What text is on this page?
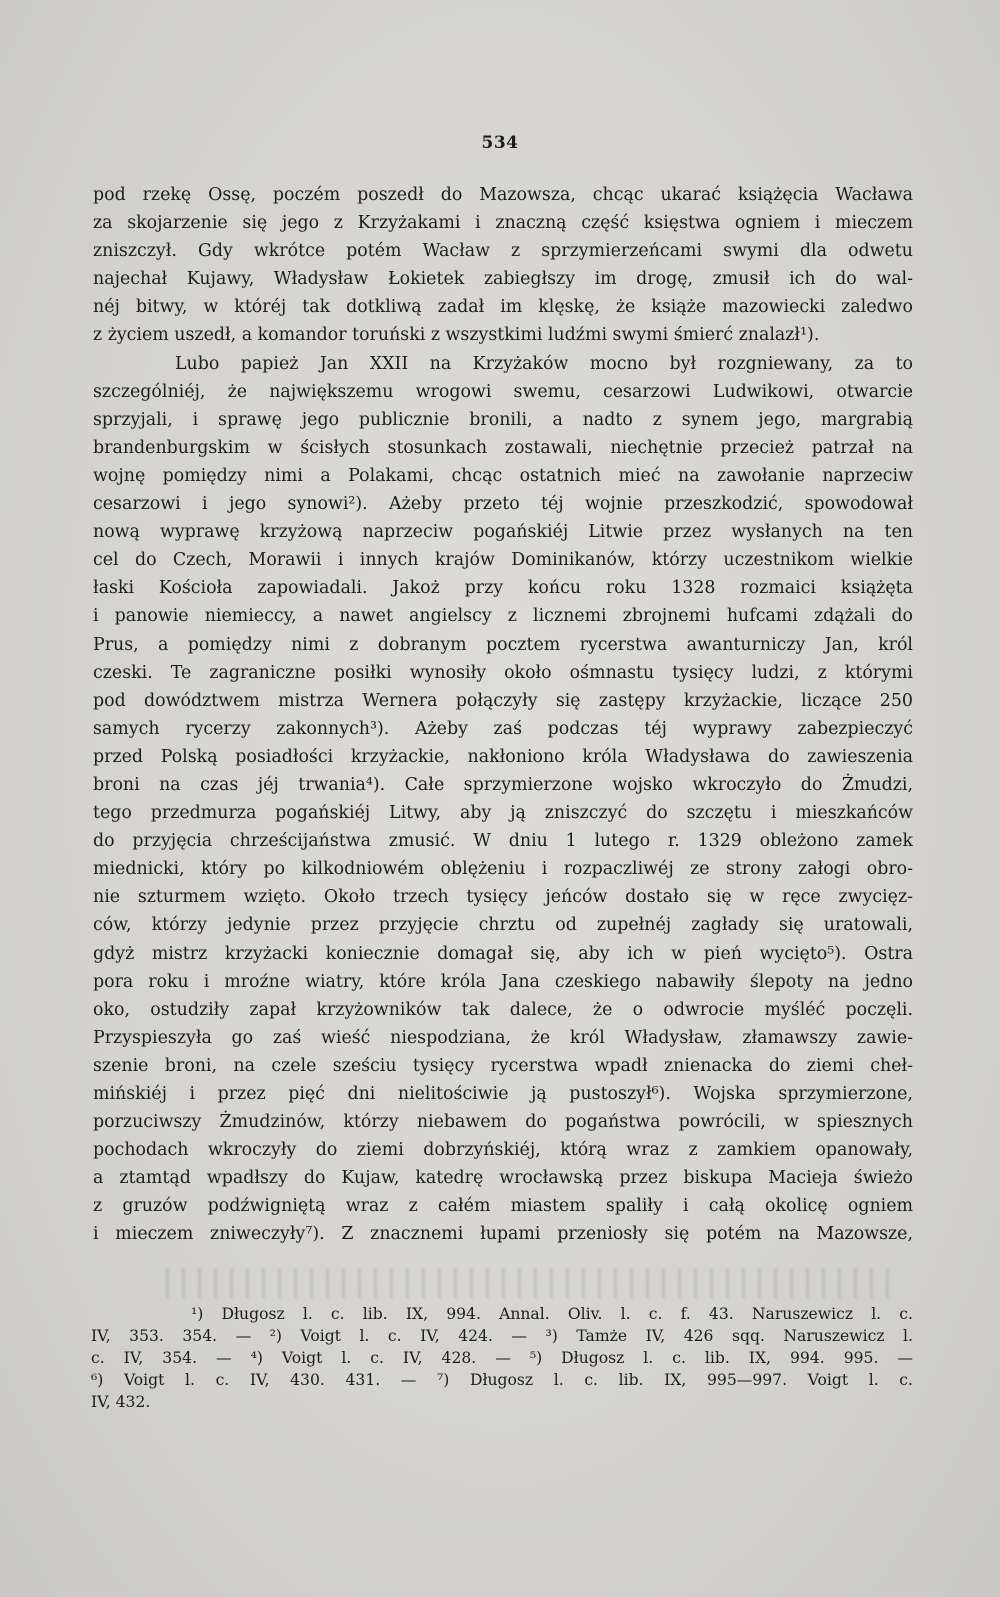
534
pod rzekę Ossę, poczém poszedł do Mazowsza, chcąc ukarać książęcia Wacława
za skojarzenie się jego z Krzyżakami i znaczną część księstwa ogniem i mieczem
zniszczył. Gdy wkrótce potém Wacław z sprzymierzeńcami swymi dla odwetu
najechał Kujawy, Władysław Łokietek zabiegłszy im drogę, zmusił ich do wal-
néj bitwy, w któréj tak dotkliwą zadał im klęskę, że książe mazowiecki zaledwo
z życiem uszedł, a komandor toruński z wszystkimi ludźmi swymi śmierć znalazł¹).
Lubo papież Jan XXII na Krzyżaków mocno był rozgniewany, za to
szczególniéj, że największemu wrogowi swemu, cesarzowi Ludwikowi, otwarcie
sprzyjali, i sprawę jego publicznie bronili, a nadto z synem jego, margrabią
brandenburgskim w ścisłych stosunkach zostawali, niechętnie przecież patrzał na
wojnę pomiędzy nimi a Polakami, chcąc ostatnich mieć na zawołanie naprzeciw
cesarzowi i jego synowi²). Ażeby przeto téj wojnie przeszkodzić, spowodował
nową wyprawę krzyżową naprzeciw pogańskiéj Litwie przez wysłanych na ten
cel do Czech, Morawii i innych krajów Dominikanów, którzy uczestnikom wielkie
łaski Kościoła zapowiadali. Jakoż przy końcu roku 1328 rozmaici książęta
i panowie niemieccy, a nawet angielscy z licznemi zbrojnemi hufcami zdążali do
Prus, a pomiędzy nimi z dobranym pocztem rycerstwa awanturniczy Jan, król
czeski. Te zagraniczne posiłki wynosiły około ośmnastu tysięcy ludzi, z którymi
pod dowództwem mistrza Wernera połączyły się zastępy krzyżackie, liczące 250
samych rycerzy zakonnych³). Ażeby zaś podczas téj wyprawy zabezpieczyć
przed Polską posiadłości krzyżackie, nakłoniono króla Władysława do zawieszenia
broni na czas jéj trwania⁴). Całe sprzymierzone wojsko wkroczyło do Żmudzi,
tego przedmurza pogańskiéj Litwy, aby ją zniszczyć do szczętu i mieszkańców
do przyjęcia chrześcijaństwa zmusić. W dniu 1 lutego r. 1329 obleżono zamek
miednicki, który po kilkodniowém oblężeniu i rozpaczliwéj ze strony załogi obro-
nie szturmem wzięto. Około trzech tysięcy jeńców dostało się w ręce zwycięz-
ców, którzy jedynie przez przyjęcie chrztu od zupełnéj zagłady się uratowali,
gdyż mistrz krzyżacki koniecznie domagał się, aby ich w pień wycięto⁵). Ostra
pora roku i mroźne wiatry, które króla Jana czeskiego nabawiły ślepoty na jedno
oko, ostudziły zapał krzyżowników tak dalece, że o odwrocie myśléć poczęli.
Przyspieszyła go zaś wieść niespodziana, że król Władysław, złamawszy zawie-
szenie broni, na czele sześciu tysięcy rycerstwa wpadł znienacka do ziemi cheł-
mińskiéj i przez pięć dni nielitościwie ją pustoszył⁶). Wojska sprzymierzone,
porzuciwszy Żmudzinów, którzy niebawem do pogaństwa powrócili, w spiesznych
pochodach wkroczyły do ziemi dobrzyńskiéj, którą wraz z zamkiem opanowały,
a ztamtąd wpadłszy do Kujaw, katedrę wrocławską przez biskupa Macieja świeżo
z gruzów podźwigniętą wraz z całém miastem spaliły i całą okolicę ogniem
i mieczem zniweczyły⁷). Z znacznemi łupami przeniosły się potém na Mazowsze,
¹) Długosz l. c. lib. IX, 994. Annal. Oliv. l. c. f. 43. Naruszewicz l. c.
IV, 353. 354. — ²) Voigt l. c. IV, 424. — ³) Tamże IV, 426 sqq. Naruszewicz l.
c. IV, 354. — ⁴) Voigt l. c. IV, 428. — ⁵) Długosz l. c. lib. IX, 994. 995. —
⁶) Voigt l. c. IV, 430. 431. — ⁷) Długosz l. c. lib. IX, 995—997. Voigt l. c.
IV, 432.
